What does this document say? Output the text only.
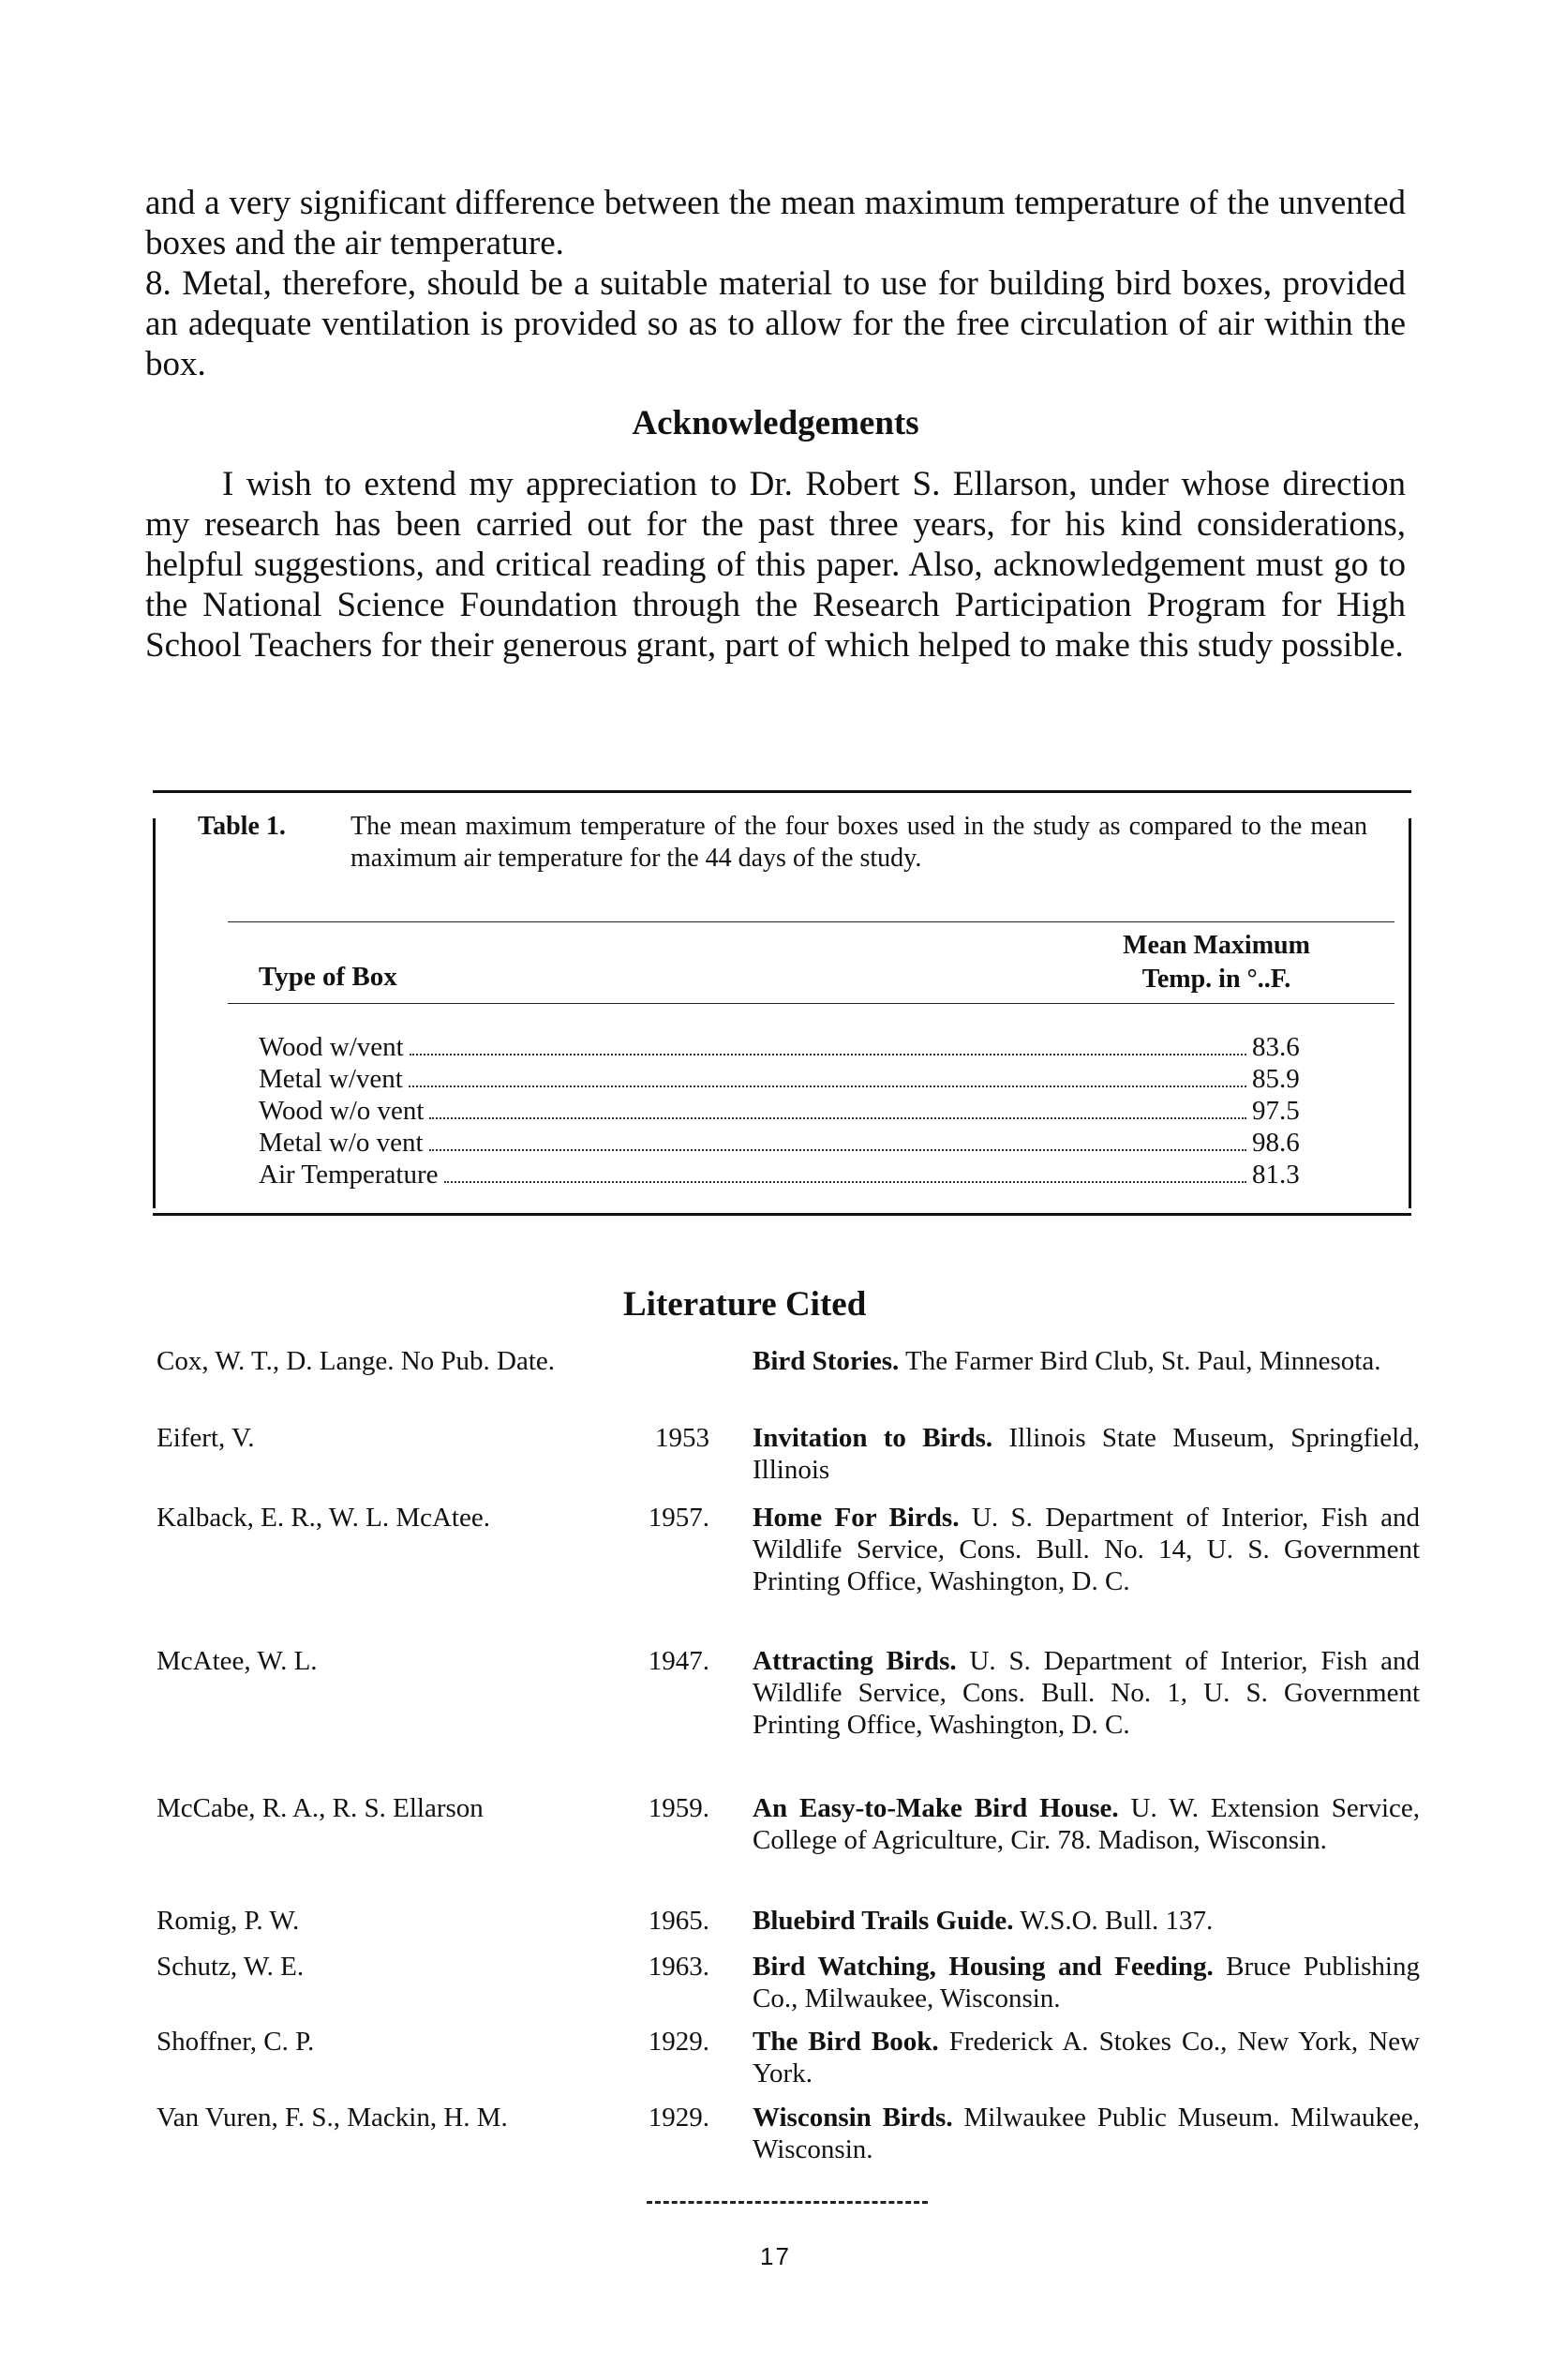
and a very significant difference between the mean maximum temperature of the unvented boxes and the air temperature.

8. Metal, therefore, should be a suitable material to use for building bird boxes, provided an adequate ventilation is provided so as to allow for the free circulation of air within the box.

Acknowledgements

I wish to extend my appreciation to Dr. Robert S. Ellarson, under whose direction my research has been carried out for the past three years, for his kind considerations, helpful suggestions, and critical reading of this paper. Also, acknowledgement must go to the National Science Foundation through the Research Participation Program for High School Teachers for their generous grant, part of which helped to make this study possible.

Table 1. The mean maximum temperature of the four boxes used in the study as compared to the mean maximum air temperature for the 44 days of the study.
Type of Box
Mean Maximum
Temp. in °..F.
Wood w/vent	83.6
Metal w/vent	85.9
Wood w/o vent	97.5
Metal w/o vent	98.6
Air Temperature	81.3
Literature Cited
Cox, W. T., D. Lange. No Pub. Date.	Bird Stories. The Farmer Bird Club, St. Paul, Minnesota.
Eifert, V.	1953 Invitation to Birds. Illinois State Museum, Springfield, Illinois
Kalback, E. R., W. L. McAtee.	1957. Home For Birds. U. S. Department of Interior, Fish and Wildlife Service, Cons. Bull. No. 14, U. S. Government Printing Office, Washington, D. C.
McAtee, W. L.	1947. Attracting Birds. U. S. Department of Interior, Fish and Wildlife Service, Cons. Bull. No. 1, U. S. Government Printing Office, Washington, D. C.
McCabe, R. A., R. S. Ellarson	1959. An Easy-to-Make Bird House. U. W. Extension Service, College of Agriculture, Cir. 78. Madison, Wisconsin.
Romig, P. W.	1965. Bluebird Trails Guide. W.S.O. Bull. 137.
Schutz, W. E.	1963. Bird Watching, Housing and Feeding. Bruce Publishing Co., Milwaukee, Wisconsin.
Shoffner, C. P.	1929. The Bird Book. Frederick A. Stokes Co., New York, New York.
Van Vuren, F. S., Mackin, H. M.	1929. Wisconsin Birds. Milwaukee Public Museum. Milwaukee, Wisconsin.
17
